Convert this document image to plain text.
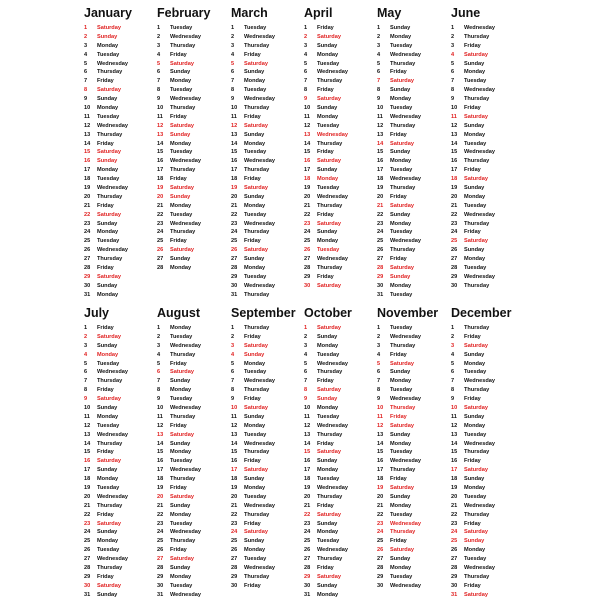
January
1	Saturday
2	Sunday
3	Monday
4	Tuesday
5	Wednesday
6	Thursday
7	Friday
8	Saturday
9	Sunday
10	Monday
11	Tuesday
12	Wednesday
13	Thursday
14	Friday
15	Saturday
16	Sunday
17	Monday
18	Tuesday
19	Wednesday
20	Thursday
21	Friday
22	Saturday
23	Sunday
24	Monday
25	Tuesday
26	Wednesday
27	Thursday
28	Friday
29	Saturday
30	Sunday
31	Monday
February
1	Tuesday
2	Wednesday
3	Thursday
4	Friday
5	Saturday
6	Sunday
7	Monday
8	Tuesday
9	Wednesday
10	Thursday
11	Friday
12	Saturday
13	Sunday
14	Monday
15	Tuesday
16	Wednesday
17	Thursday
18	Friday
19	Saturday
20	Sunday
21	Monday
22	Tuesday
23	Wednesday
24	Thursday
25	Friday
26	Saturday
27	Sunday
28	Monday
March
1	Tuesday
2	Wednesday
3	Thursday
4	Friday
5	Saturday
6	Sunday
7	Monday
8	Tuesday
9	Wednesday
10	Thursday
11	Friday
12	Saturday
13	Sunday
14	Monday
15	Tuesday
16	Wednesday
17	Thursday
18	Friday
19	Saturday
20	Sunday
21	Monday
22	Tuesday
23	Wednesday
24	Thursday
25	Friday
26	Saturday
27	Sunday
28	Monday
29	Tuesday
30	Wednesday
31	Thursday
April
1	Friday
2	Saturday
3	Sunday
4	Monday
5	Tuesday
6	Wednesday
7	Thursday
8	Friday
9	Saturday
10	Sunday
11	Monday
12	Tuesday
13	Wednesday
14	Thursday
15	Friday
16	Saturday
17	Sunday
18	Monday
19	Tuesday
20	Wednesday
21	Thursday
22	Friday
23	Saturday
24	Sunday
25	Monday
26	Tuesday
27	Wednesday
28	Thursday
29	Friday
30	Saturday
May
1	Sunday
2	Monday
3	Tuesday
4	Wednesday
5	Thursday
6	Friday
7	Saturday
8	Sunday
9	Monday
10	Tuesday
11	Wednesday
12	Thursday
13	Friday
14	Saturday
15	Sunday
16	Monday
17	Tuesday
18	Wednesday
19	Thursday
20	Friday
21	Saturday
22	Sunday
23	Monday
24	Tuesday
25	Wednesday
26	Thursday
27	Friday
28	Saturday
29	Sunday
30	Monday
31	Tuesday
June
1	Wednesday
2	Thursday
3	Friday
4	Saturday
5	Sunday
6	Monday
7	Tuesday
8	Wednesday
9	Thursday
10	Friday
11	Saturday
12	Sunday
13	Monday
14	Tuesday
15	Wednesday
16	Thursday
17	Friday
18	Saturday
19	Sunday
20	Monday
21	Tuesday
22	Wednesday
23	Thursday
24	Friday
25	Saturday
26	Sunday
27	Monday
28	Tuesday
29	Wednesday
30	Thursday
July
1	Friday
2	Saturday
3	Sunday
4	Monday
5	Tuesday
6	Wednesday
7	Thursday
8	Friday
9	Saturday
10	Sunday
11	Monday
12	Tuesday
13	Wednesday
14	Thursday
15	Friday
16	Saturday
17	Sunday
18	Monday
19	Tuesday
20	Wednesday
21	Thursday
22	Friday
23	Saturday
24	Sunday
25	Monday
26	Tuesday
27	Wednesday
28	Thursday
29	Friday
30	Saturday
31	Sunday
August
1	Monday
2	Tuesday
3	Wednesday
4	Thursday
5	Friday
6	Saturday
7	Sunday
8	Monday
9	Tuesday
10	Wednesday
11	Thursday
12	Friday
13	Saturday
14	Sunday
15	Monday
16	Tuesday
17	Wednesday
18	Thursday
19	Friday
20	Saturday
21	Sunday
22	Monday
23	Tuesday
24	Wednesday
25	Thursday
26	Friday
27	Saturday
28	Sunday
29	Monday
30	Tuesday
31	Wednesday
September
1	Thursday
2	Friday
3	Saturday
4	Sunday
5	Monday
6	Tuesday
7	Wednesday
8	Thursday
9	Friday
10	Saturday
11	Sunday
12	Monday
13	Tuesday
14	Wednesday
15	Thursday
16	Friday
17	Saturday
18	Sunday
19	Monday
20	Tuesday
21	Wednesday
22	Thursday
23	Friday
24	Saturday
25	Sunday
26	Monday
27	Tuesday
28	Wednesday
29	Thursday
30	Friday
October
1	Saturday
2	Sunday
3	Monday
4	Tuesday
5	Wednesday
6	Thursday
7	Friday
8	Saturday
9	Sunday
10	Monday
11	Tuesday
12	Wednesday
13	Thursday
14	Friday
15	Saturday
16	Sunday
17	Monday
18	Tuesday
19	Wednesday
20	Thursday
21	Friday
22	Saturday
23	Sunday
24	Monday
25	Tuesday
26	Wednesday
27	Thursday
28	Friday
29	Saturday
30	Sunday
31	Monday
November
1	Tuesday
2	Wednesday
3	Thursday
4	Friday
5	Saturday
6	Sunday
7	Monday
8	Tuesday
9	Wednesday
10	Thursday
11	Friday
12	Saturday
13	Sunday
14	Monday
15	Tuesday
16	Wednesday
17	Thursday
18	Friday
19	Saturday
20	Sunday
21	Monday
22	Tuesday
23	Wednesday
24	Thursday
25	Friday
26	Saturday
27	Sunday
28	Monday
29	Tuesday
30	Wednesday
December
1	Thursday
2	Friday
3	Saturday
4	Sunday
5	Monday
6	Tuesday
7	Wednesday
8	Thursday
9	Friday
10	Saturday
11	Sunday
12	Monday
13	Tuesday
14	Wednesday
15	Thursday
16	Friday
17	Saturday
18	Sunday
19	Monday
20	Tuesday
21	Wednesday
22	Thursday
23	Friday
24	Saturday
25	Sunday
26	Monday
27	Tuesday
28	Wednesday
29	Thursday
30	Friday
31	Saturday
